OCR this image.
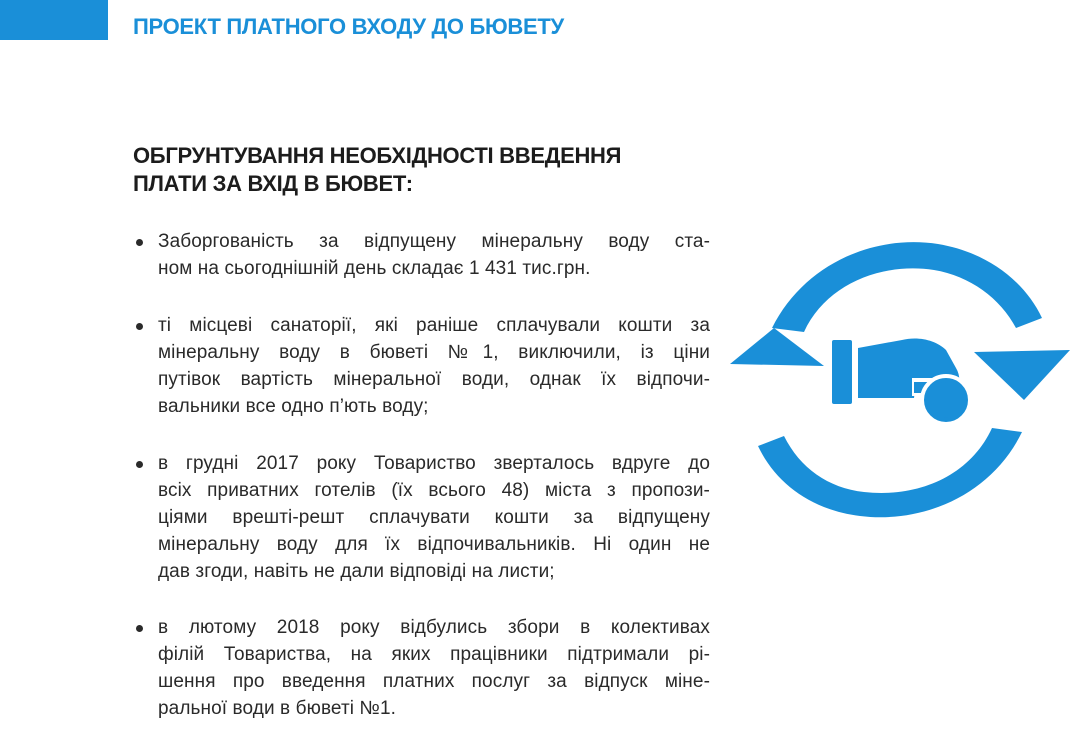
ПРОЕКТ ПЛАТНОГО ВХОДУ ДО БЮВЕТУ
ОБГРУНТУВАННЯ НЕОБХІДНОСТІ ВВЕДЕННЯ
ПЛАТИ ЗА ВХІД В БЮВЕТ:
Заборгованість за відпущену мінеральну воду ста-
ном на сьогоднішній день складає 1 431 тис.грн.
ті місцеві санаторії, які раніше сплачували кошти за
мінеральну воду в бюветі №1, виключили, із ціни
путівок вартість мінеральної води, однак їх відпочи-
вальники все одно п’ють воду;
в грудні 2017 року Товариство зверталось вдруге до
всіх приватних готелів (їх всього 48) міста з пропози-
ціями врешті-решт сплачувати кошти за відпущену
мінеральну воду для їх відпочивальників. Ні один не
дав згоди, навіть не дали відповіді на листи;
в лютому 2018 року відбулись збори в колективах
філій Товариства, на яких працівники підтримали рі-
шення про введення платних послуг за відпуск міне-
ральної води в бюветі №1.
